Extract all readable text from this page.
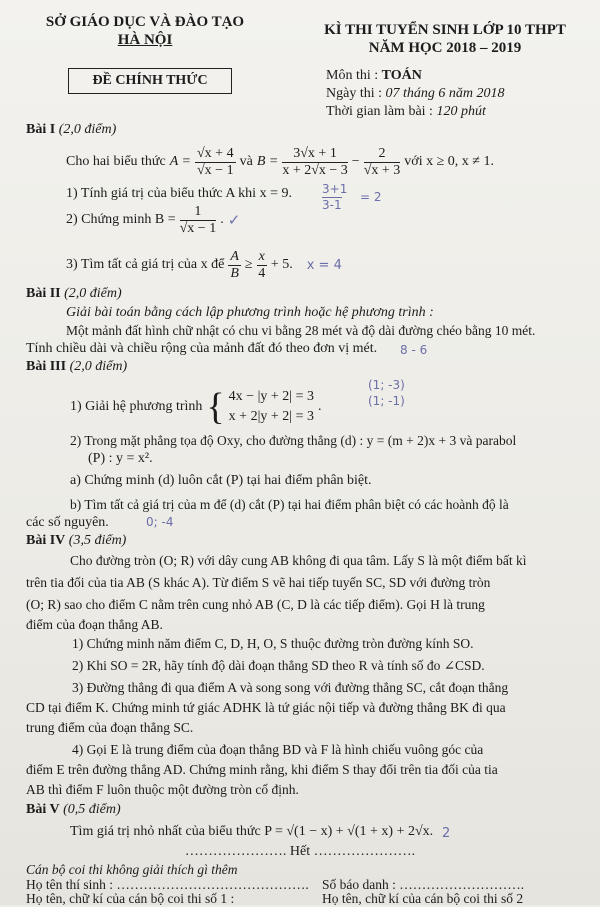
SỞ GIÁO DỤC VÀ ĐÀO TẠO
HÀ NỘI
ĐỀ CHÍNH THỨC
KÌ THI TUYỂN SINH LỚP 10 THPT
NĂM HỌC 2018 – 2019
Môn thi : TOÁN
Ngày thi : 07 tháng 6 năm 2018
Thời gian làm bài : 120 phút
Bài I (2,0 điểm)
Cho hai biểu thức $A = \frac{√x + 4}{√x - 1}$ và $B = \frac{3√x + 1}{x + 2√x - 3} - \frac{2}{√x + 3}$ với x ≥ 0, x ≠ 1.
1) Tính giá trị của biểu thức A khi x = 9.
2) Chứng minh $B = \frac{1}{√x - 1}$ . ✓
3) Tìm tất cả giá trị của x để $\frac{A}{B} \ge \frac{x}{4} + 5$. x = 4
3+1
3-1
= 2
Bài II (2,0 điểm)
Giải bài toán bằng cách lập phương trình hoặc hệ phương trình :
Một mảnh đất hình chữ nhật có chu vi bằng 28 mét và độ dài đường chéo bằng 10 mét.
Tính chiều dài và chiều rộng của mảnh đất đó theo đơn vị mét. 8 - 6
Bài III (2,0 điểm)
1) Giải hệ phương trình { 4x − |y + 2| = 3
x + 2|y + 2| = 3
.
(1; -3)
(1; -1)
2) Trong mặt phẳng tọa độ Oxy, cho đường thẳng (d) : y = (m + 2)x + 3 và parabol
(P) : y = x².
a) Chứng minh (d) luôn cắt (P) tại hai điểm phân biệt.
b) Tìm tất cả giá trị của m để (d) cắt (P) tại hai điểm phân biệt có các hoành độ là
các số nguyên.	0; -4
Bài IV (3,5 điểm)
Cho đường tròn (O; R) với dây cung AB không đi qua tâm. Lấy S là một điểm bất kì
trên tia đối của tia AB (S khác A). Từ điểm S vẽ hai tiếp tuyến SC, SD với đường tròn
(O; R) sao cho điểm C nằm trên cung nhỏ AB (C, D là các tiếp điểm). Gọi H là trung
điểm của đoạn thẳng AB.
1) Chứng minh năm điểm C, D, H, O, S thuộc đường tròn đường kính SO.
2) Khi SO = 2R, hãy tính độ dài đoạn thẳng SD theo R và tính số đo ∠CSD.
3) Đường thẳng đi qua điểm A và song song với đường thẳng SC, cắt đoạn thẳng
CD tại điểm K. Chứng minh tứ giác ADHK là tứ giác nội tiếp và đường thẳng BK đi qua
trung điểm của đoạn thẳng SC.
4) Gọi E là trung điểm của đoạn thẳng BD và F là hình chiếu vuông góc của
điểm E trên đường thẳng AD. Chứng minh rằng, khi điểm S thay đổi trên tia đối của tia
AB thì điểm F luôn thuộc một đường tròn cố định.
Bài V (0,5 điểm)
Tìm giá trị nhỏ nhất của biểu thức P = √(1 − x) + √(1 + x) + 2√x. 2
…………………. Hết ………………….
Cán bộ coi thi không giải thích gì thêm
Họ tên thí sinh : ……………………………………. Số báo danh : ……………………….
Họ tên, chữ kí của cán bộ coi thi số 1 :	Họ tên, chữ kí của cán bộ coi thi số 2
